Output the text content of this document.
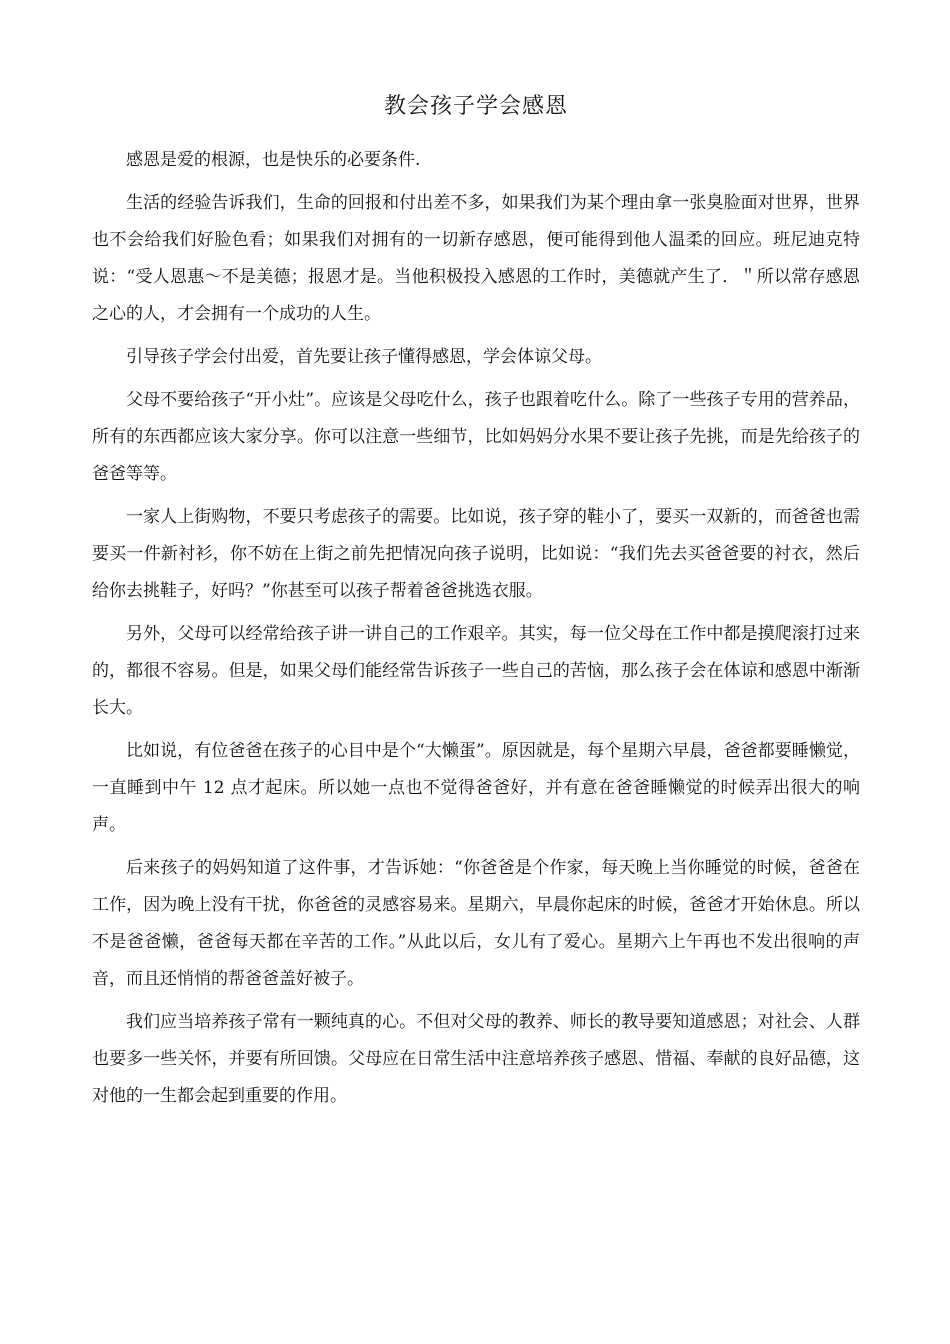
教会孩子学会感恩

感恩是爱的根源，也是快乐的必要条件.

生活的经验告诉我们，生命的回报和付出差不多，如果我们为某个理由拿一张臭脸面对世界，世界也不会给我们好脸色看；如果我们对拥有的一切新存感恩，便可能得到他人温柔的回应。班尼迪克特说：“受人恩惠～不是美德；报恩才是。当他积极投入感恩的工作时，美德就产生了．＂所以常存感恩之心的人，才会拥有一个成功的人生。

引导孩子学会付出爱，首先要让孩子懂得感恩，学会体谅父母。

父母不要给孩子“开小灶”。应该是父母吃什么，孩子也跟着吃什么。除了一些孩子专用的营养品，所有的东西都应该大家分享。你可以注意一些细节，比如妈妈分水果不要让孩子先挑，而是先给孩子的爸爸等等。

一家人上街购物，不要只考虑孩子的需要。比如说，孩子穿的鞋小了，要买一双新的，而爸爸也需要买一件新衬衫，你不妨在上街之前先把情况向孩子说明，比如说：“我们先去买爸爸要的衬衣，然后给你去挑鞋子，好吗？”你甚至可以孩子帮着爸爸挑选衣服。

另外，父母可以经常给孩子讲一讲自己的工作艰辛。其实，每一位父母在工作中都是摸爬滚打过来的，都很不容易。但是，如果父母们能经常告诉孩子一些自己的苦恼，那么孩子会在体谅和感恩中渐渐长大。

比如说，有位爸爸在孩子的心目中是个“大懒蛋”。原因就是，每个星期六早晨，爸爸都要睡懒觉，一直睡到中午 12 点才起床。所以她一点也不觉得爸爸好，并有意在爸爸睡懒觉的时候弄出很大的响声。

后来孩子的妈妈知道了这件事，才告诉她：“你爸爸是个作家，每天晚上当你睡觉的时候，爸爸在工作，因为晚上没有干扰，你爸爸的灵感容易来。星期六，早晨你起床的时候，爸爸才开始休息。所以不是爸爸懒，爸爸每天都在辛苦的工作。”从此以后，女儿有了爱心。星期六上午再也不发出很响的声音，而且还悄悄的帮爸爸盖好被子。

我们应当培养孩子常有一颗纯真的心。不但对父母的教养、师长的教导要知道感恩；对社会、人群也要多一些关怀，并要有所回馈。父母应在日常生活中注意培养孩子感恩、惜福、奉献的良好品德，这对他的一生都会起到重要的作用。
